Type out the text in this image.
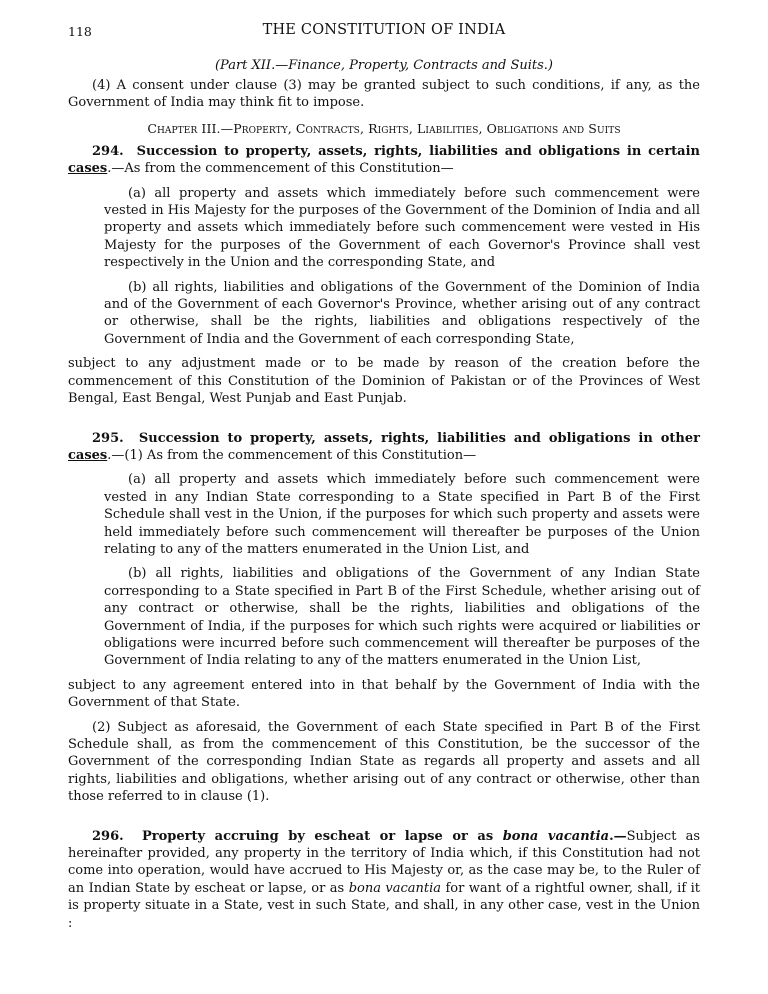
118	THE CONSTITUTION OF INDIA
(Part XII.—Finance, Property, Contracts and Suits.)

(4) A consent under clause (3) may be granted subject to such conditions, if any, as the Government of India may think fit to impose.

Chapter III.—Property, Contracts, Rights, Liabilities, Obligations and Suits

294. Succession to property, assets, rights, liabilities and obligations in certain cases.—As from the commencement of this Constitution—

(a) all property and assets which immediately before such commencement were vested in His Majesty for the purposes of the Government of the Dominion of India and all property and assets which immediately before such commencement were vested in His Majesty for the purposes of the Government of each Governor's Province shall vest respectively in the Union and the corresponding State, and

(b) all rights, liabilities and obligations of the Government of the Dominion of India and of the Government of each Governor's Province, whether arising out of any contract or otherwise, shall be the rights, liabilities and obligations respectively of the Government of India and the Government of each corresponding State,

subject to any adjustment made or to be made by reason of the creation before the commencement of this Constitution of the Dominion of Pakistan or of the Provinces of West Bengal, East Bengal, West Punjab and East Punjab.

295. Succession to property, assets, rights, liabilities and obligations in other cases.—(1) As from the commencement of this Constitution—

(a) all property and assets which immediately before such commencement were vested in any Indian State corresponding to a State specified in Part B of the First Schedule shall vest in the Union, if the purposes for which such property and assets were held immediately before such commencement will thereafter be purposes of the Union relating to any of the matters enumerated in the Union List, and

(b) all rights, liabilities and obligations of the Government of any Indian State corresponding to a State specified in Part B of the First Schedule, whether arising out of any contract or otherwise, shall be the rights, liabilities and obligations of the Government of India, if the purposes for which such rights were acquired or liabilities or obligations were incurred before such commencement will thereafter be purposes of the Government of India relating to any of the matters enumerated in the Union List,

subject to any agreement entered into in that behalf by the Government of India with the Government of that State.

(2) Subject as aforesaid, the Government of each State specified in Part B of the First Schedule shall, as from the commencement of this Constitution, be the successor of the Government of the corresponding Indian State as regards all property and assets and all rights, liabilities and obligations, whether arising out of any contract or otherwise, other than those referred to in clause (1).

296. Property accruing by escheat or lapse or as bona vacantia.—Subject as hereinafter provided, any property in the territory of India which, if this Constitution had not come into operation, would have accrued to His Majesty or, as the case may be, to the Ruler of an Indian State by escheat or lapse, or as bona vacantia for want of a rightful owner, shall, if it is property situate in a State, vest in such State, and shall, in any other case, vest in the Union :
